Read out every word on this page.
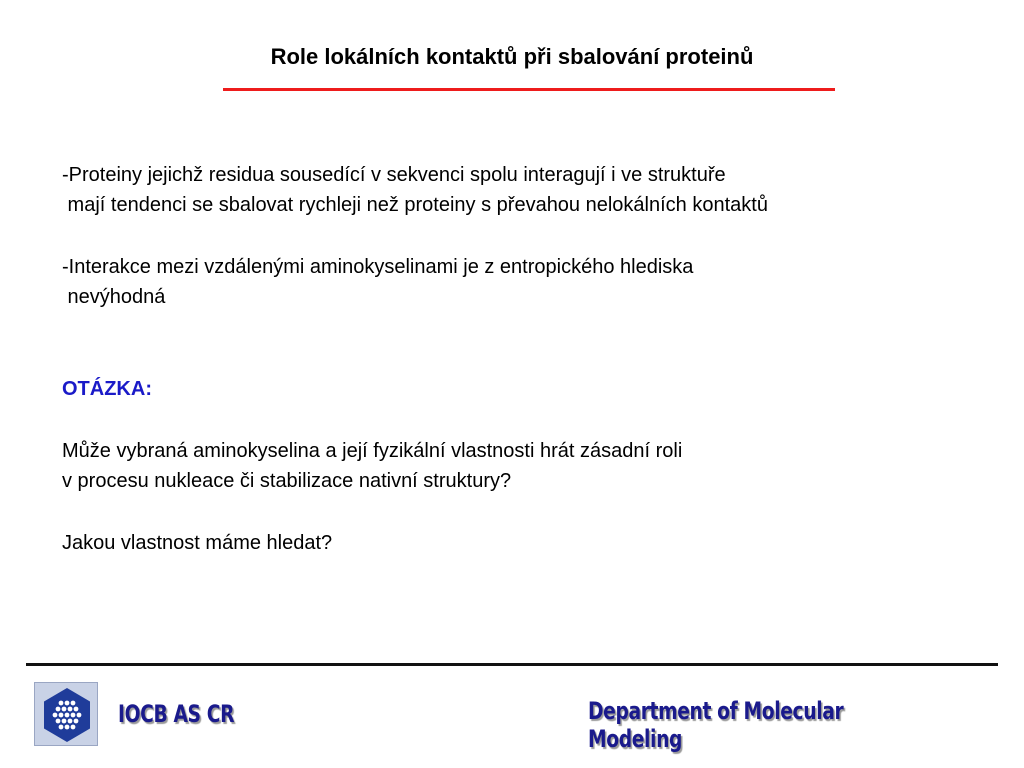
Role lokálních kontaktů při sbalování proteinů
-Proteiny jejichž residua sousedící v sekvenci spolu interagují i ve struktuře
mají tendenci se sbalovat rychleji než proteiny s převahou nelokálních kontaktů
-Interakce mezi vzdálenými aminokyselinami je z entropického hlediska
nevýhodná
OTÁZKA:
Může vybraná aminokyselina a její fyzikální vlastnosti hrát zásadní roli
v procesu nukleace či stabilizace nativní struktury?
Jakou vlastnost máme hledat?
IOCB AS CR	Department of Molecular Modeling
